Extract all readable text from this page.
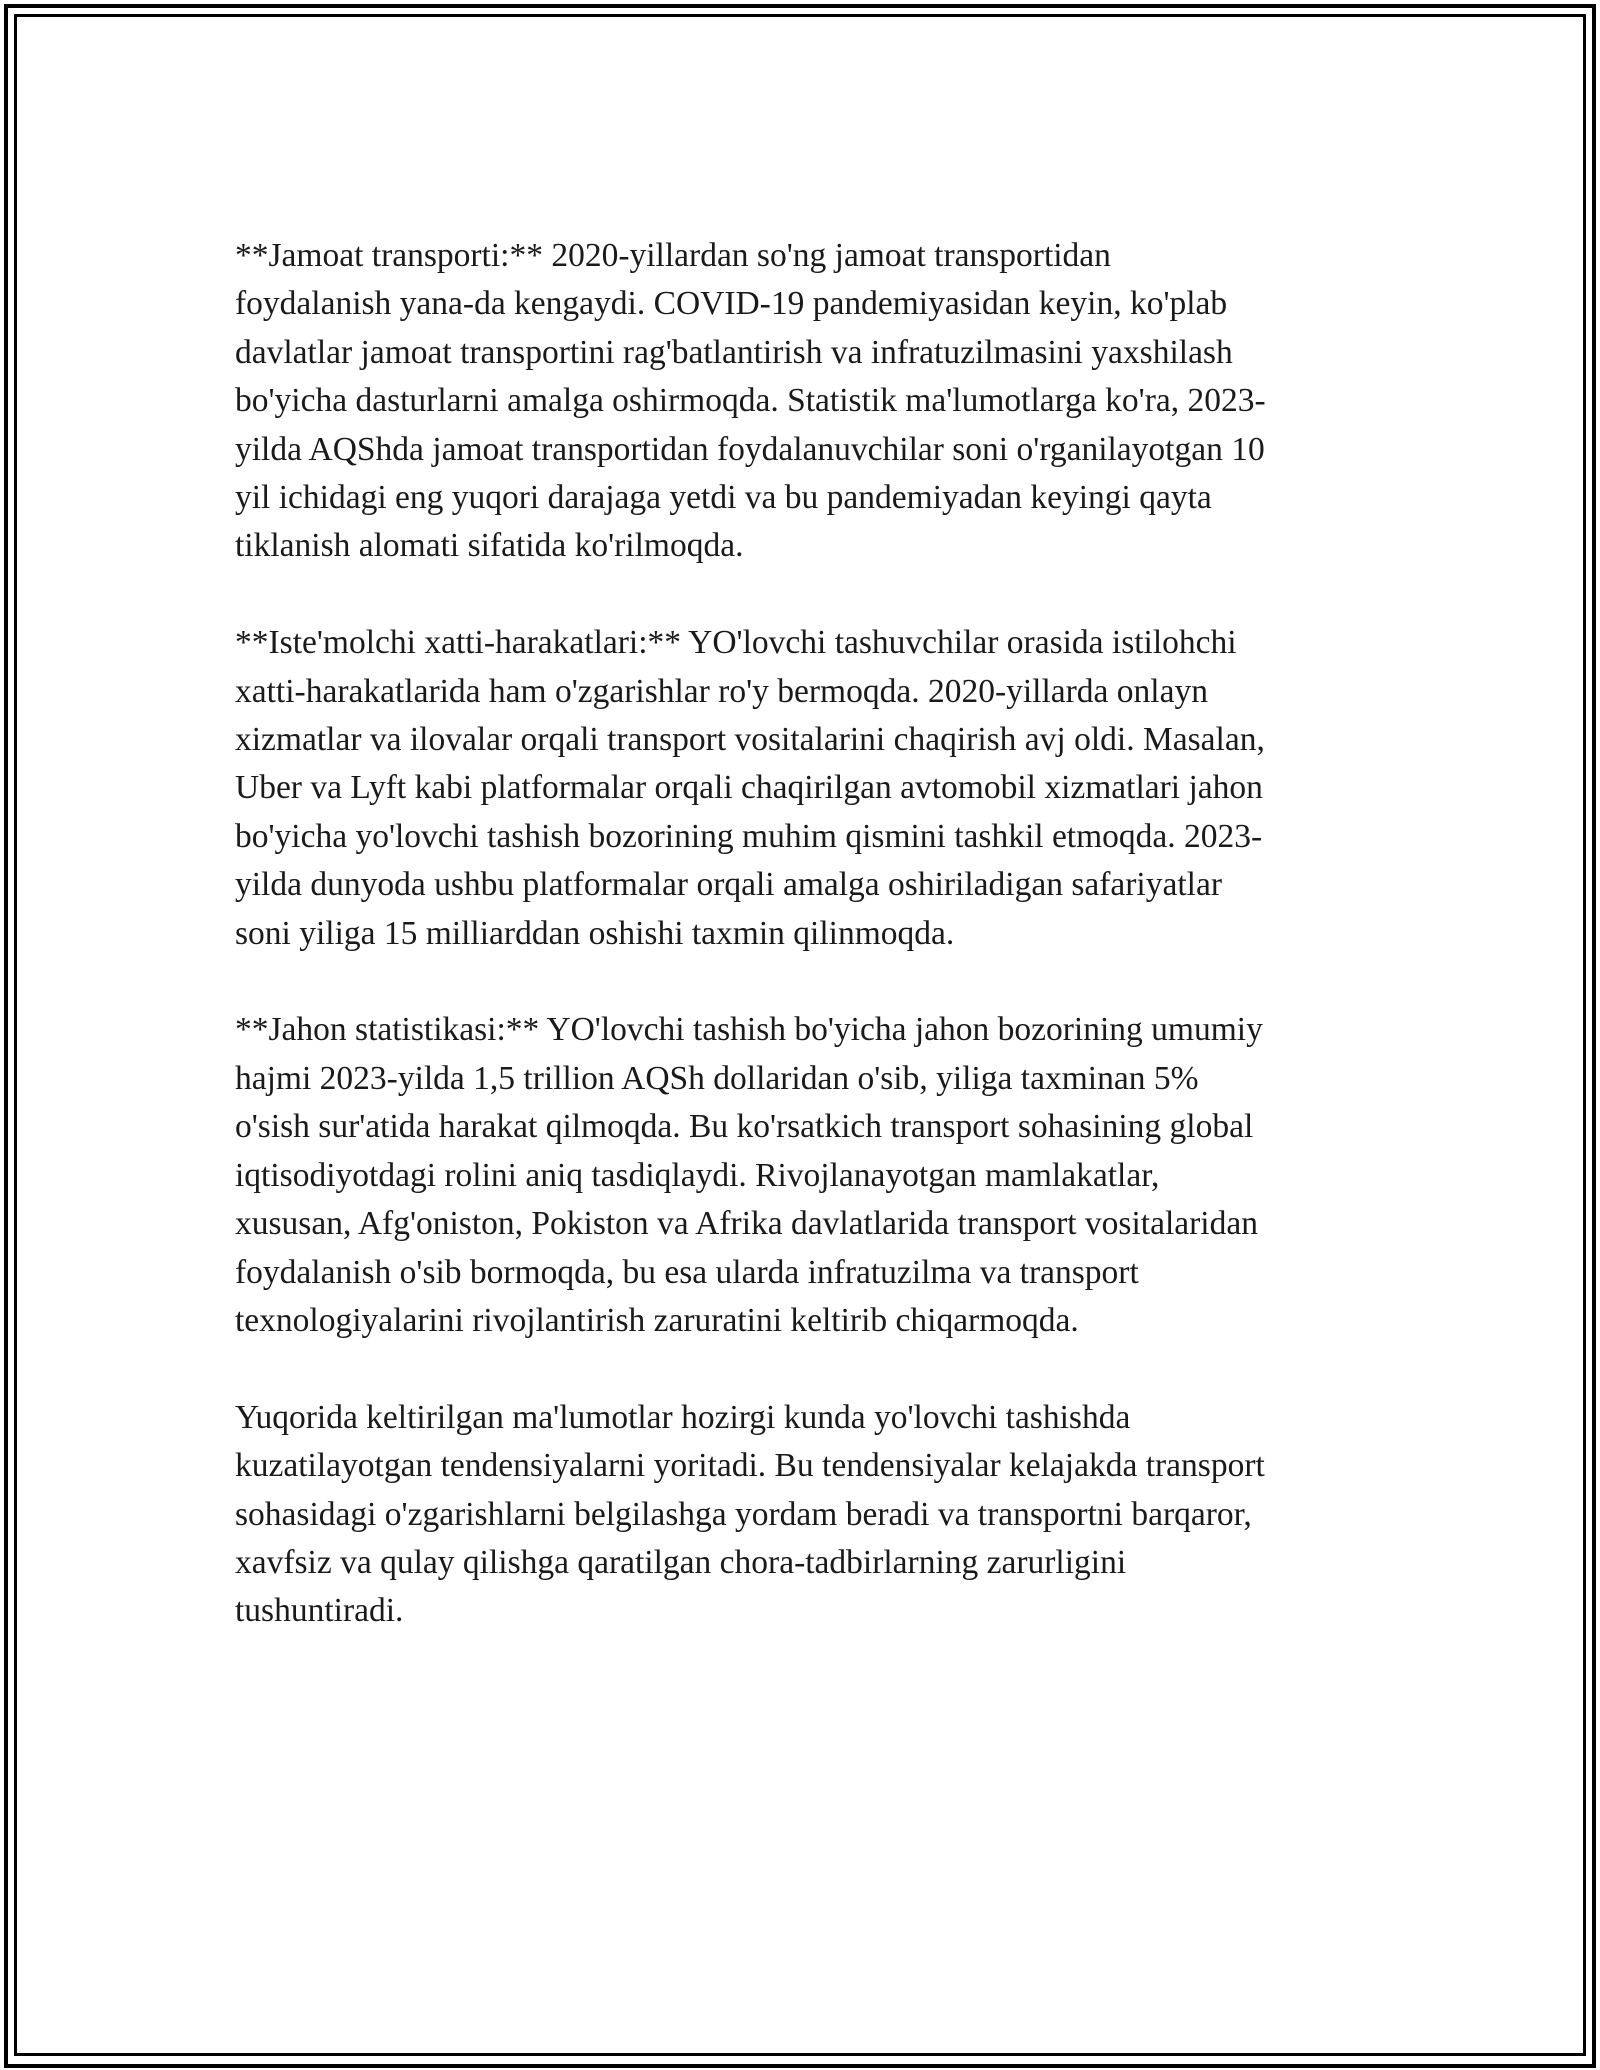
**Jamoat transporti:** 2020-yillardan so'ng jamoat transportidan
foydalanish yana-da kengaydi. COVID-19 pandemiyasidan keyin, ko'plab
davlatlar jamoat transportini rag'batlantirish va infratuzilmasini yaxshilash
bo'yicha dasturlarni amalga oshirmoqda. Statistik ma'lumotlarga ko'ra, 2023-
yilda AQShda jamoat transportidan foydalanuvchilar soni o'rganilayotgan 10
yil ichidagi eng yuqori darajaga yetdi va bu pandemiyadan keyingi qayta
tiklanish alomati sifatida ko'rilmoqda.

**Iste'molchi xatti-harakatlari:** YO'lovchi tashuvchilar orasida istilohchi
xatti-harakatlarida ham o'zgarishlar ro'y bermoqda. 2020-yillarda onlayn
xizmatlar va ilovalar orqali transport vositalarini chaqirish avj oldi. Masalan,
Uber va Lyft kabi platformalar orqali chaqirilgan avtomobil xizmatlari jahon
bo'yicha yo'lovchi tashish bozorining muhim qismini tashkil etmoqda. 2023-
yilda dunyoda ushbu platformalar orqali amalga oshiriladigan safariyatlar
soni yiliga 15 milliarddan oshishi taxmin qilinmoqda.

**Jahon statistikasi:** YO'lovchi tashish bo'yicha jahon bozorining umumiy
hajmi 2023-yilda 1,5 trillion AQSh dollaridan o'sib, yiliga taxminan 5%
o'sish sur'atida harakat qilmoqda. Bu ko'rsatkich transport sohasining global
iqtisodiyotdagi rolini aniq tasdiqlaydi. Rivojlanayotgan mamlakatlar,
xususan, Afg'oniston, Pokiston va Afrika davlatlarida transport vositalaridan
foydalanish o'sib bormoqda, bu esa ularda infratuzilma va transport
texnologiyalarini rivojlantirish zaruratini keltirib chiqarmoqda.

Yuqorida keltirilgan ma'lumotlar hozirgi kunda yo'lovchi tashishda
kuzatilayotgan tendensiyalarni yoritadi. Bu tendensiyalar kelajakda transport
sohasidagi o'zgarishlarni belgilashga yordam beradi va transportni barqaror,
xavfsiz va qulay qilishga qaratilgan chora-tadbirlarning zarurligini
tushuntiradi.
